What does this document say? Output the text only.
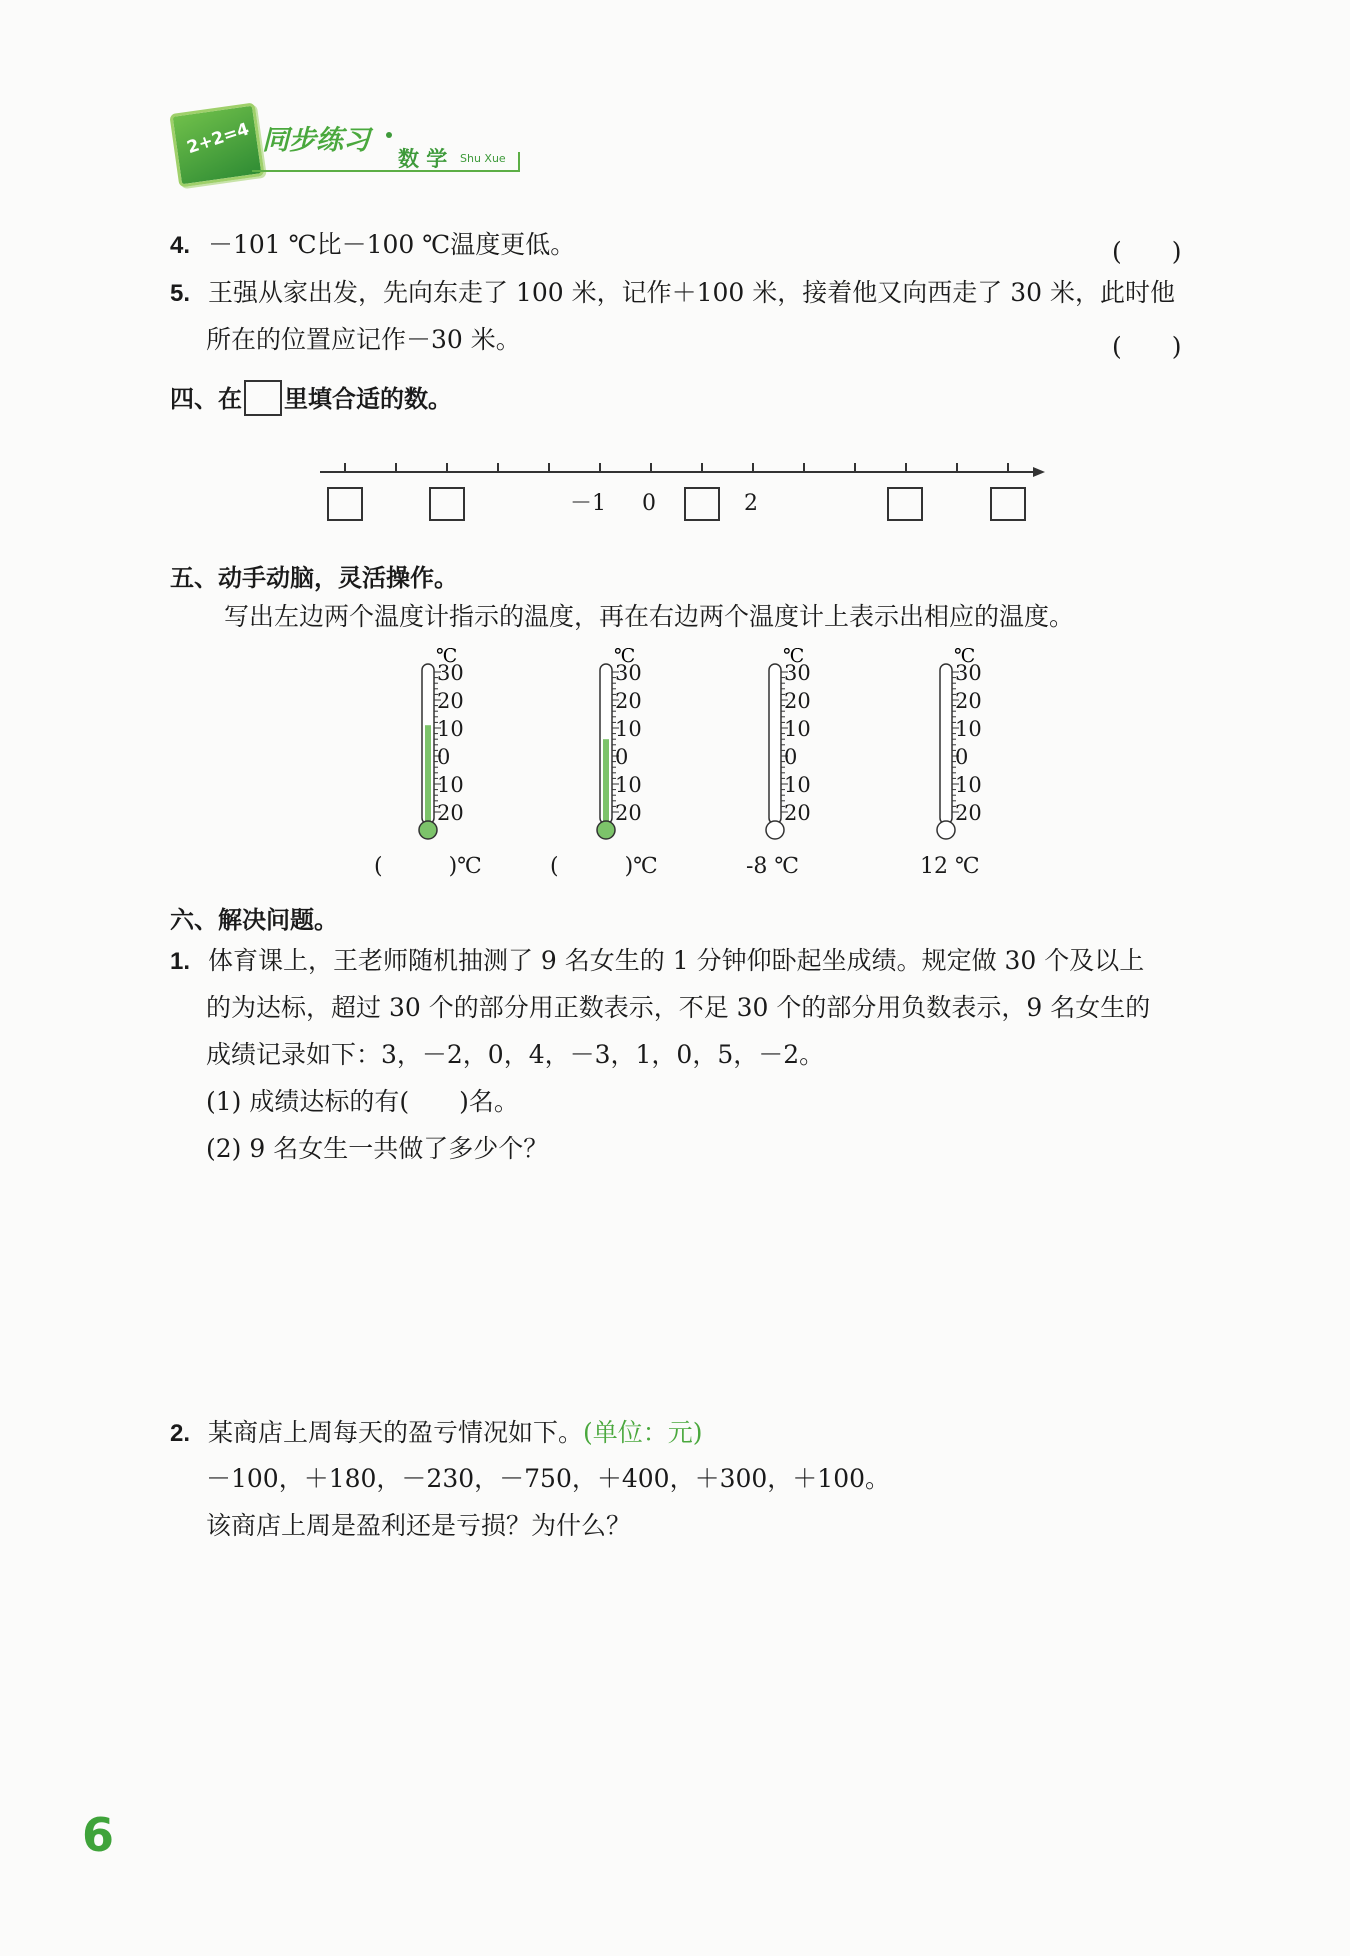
2+2=4 同步练习
数 学 Shu Xue
4. －101 ℃比－100 ℃温度更低。	(　　)
5. 王强从家出发，先向东走了 100 米，记作＋100 米，接着他又向西走了 30 米，此时他
所在的位置应记作－30 米。	(　　)
四、在 里填合适的数。
－1 0	2
五、动手动脑，灵活操作。
写出左边两个温度计指示的温度，再在右边两个温度计上表示出相应的温度。
30
20
10
0
10
20
℃
30
20
10
0
10
20
℃
30
20
10
0
10
20
℃
30
20
10
0
10
20
℃
(　　　)℃	(　　　)℃	-8 ℃	12 ℃
六、解决问题。
1. 体育课上，王老师随机抽测了 9 名女生的 1 分钟仰卧起坐成绩。规定做 30 个及以上
的为达标，超过 30 个的部分用正数表示，不足 30 个的部分用负数表示，9 名女生的
成绩记录如下：3，－2，0，4，－3，1，0，5，－2。
(1) 成绩达标的有(　　)名。
(2) 9 名女生一共做了多少个？
2. 某商店上周每天的盈亏情况如下。(单位：元)
－100，＋180，－230，－750，＋400，＋300，＋100。
该商店上周是盈利还是亏损？为什么？
6
